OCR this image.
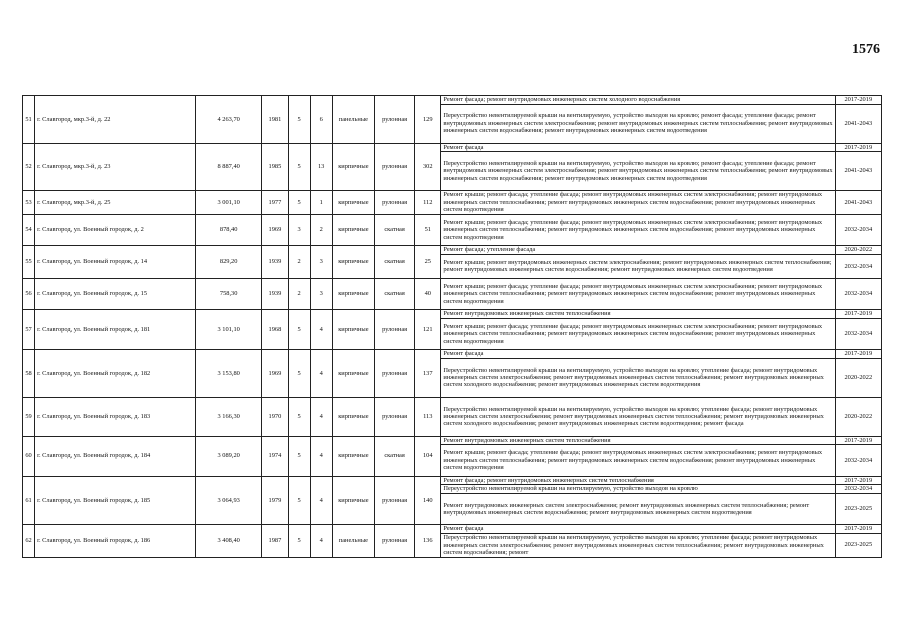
1576
51	г. Славгород, мкр.3-й, д. 22	4 263,70	1981	5	6	панельные	рулонная	129	Ремонт фасада; ремонт внутридомовых инженерных систем холодного водоснабжения	2017-2019
									Переустройство невентилируемой крыши на вентилируемую, устройство выходов на кровлю; ремонт фасада; утепление фасада; ремонт внутридомовых инженерных систем электроснабжения; ремонт внутридомовых инженерных систем теплоснабжения; ремонт внутридомовых инженерных систем водоснабжения; ремонт внутридомовых инженерных систем водоотведения	2041-2043
52	г. Славгород, мкр.3-й, д. 23	8 887,40	1985	5	13	кирпичные	рулонная	302	Ремонт фасада	2017-2019
									Переустройство невентилируемой крыши на вентилируемую, устройство выходов на кровлю; ремонт фасада; утепление фасада; ремонт внутридомовых инженерных систем электроснабжения; ремонт внутридомовых инженерных систем теплоснабжения; ремонт внутридомовых инженерных систем водоснабжения; ремонт внутридомовых инженерных систем водоотведения	2041-2043
53	г. Славгород, мкр.3-й, д. 25	3 001,10	1977	5	1	кирпичные	рулонная	112	Ремонт крыши; ремонт фасада; утепление фасада; ремонт внутридомовых инженерных систем электроснабжения; ремонт внутридомовых инженерных систем теплоснабжения; ремонт внутридомовых инженерных систем водоснабжения; ремонт внутридомовых инженерных систем водоотведения	2041-2043
54	г. Славгород, ул. Военный городок, д. 2	878,40	1969	3	2	кирпичные	скатная	51	Ремонт крыши; ремонт фасада; утепление фасада; ремонт внутридомовых инженерных систем электроснабжения; ремонт внутридомовых инженерных систем теплоснабжения; ремонт внутридомовых инженерных систем водоснабжения; ремонт внутридомовых инженерных систем водоотведения	2032-2034
55	г. Славгород, ул. Военный городок, д. 14	829,20	1939	2	3	кирпичные	скатная	25	Ремонт фасада; утепление фасада	2020-2022
									Ремонт крыши; ремонт внутридомовых инженерных систем электроснабжения; ремонт внутридомовых инженерных систем теплоснабжения; ремонт внутридомовых инженерных систем водоснабжения; ремонт внутридомовых инженерных систем водоотведения	2032-2034
56	г. Славгород, ул. Военный городок, д. 15	758,30	1939	2	3	кирпичные	скатная	40	Ремонт крыши; ремонт фасада; утепление фасада; ремонт внутридомовых инженерных систем электроснабжения; ремонт внутридомовых инженерных систем теплоснабжения; ремонт внутридомовых инженерных систем водоснабжения; ремонт внутридомовых инженерных систем водоотведения	2032-2034
57	г. Славгород, ул. Военный городок, д. 181	3 101,10	1968	5	4	кирпичные	рулонная	121	Ремонт внутридомовых инженерных систем теплоснабжения	2017-2019
									Ремонт крыши; ремонт фасада; утепление фасада; ремонт внутридомовых инженерных систем электроснабжения; ремонт внутридомовых инженерных систем теплоснабжения; ремонт внутридомовых инженерных систем водоснабжения; ремонт внутридомовых инженерных систем водоотведения	2032-2034
58	г. Славгород, ул. Военный городок, д. 182	3 153,80	1969	5	4	кирпичные	рулонная	137	Ремонт фасада	2017-2019
									Переустройство невентилируемой крыши на вентилируемую, устройство выходов на кровлю; утепление фасада; ремонт внутридомовых инженерных систем электроснабжения; ремонт внутридомовых инженерных систем теплоснабжения; ремонт внутридомовых инженерных систем холодного водоснабжения; ремонт внутридомовых инженерных систем водоотведения	2020-2022
59	г. Славгород, ул. Военный городок, д. 183	3 166,30	1970	5	4	кирпичные	рулонная	113	Переустройство невентилируемой крыши на вентилируемую, устройство выходов на кровлю; утепление фасада; ремонт внутридомовых инженерных систем электроснабжения; ремонт внутридомовых инженерных систем теплоснабжения; ремонт внутридомовых инженерных систем холодного водоснабжения; ремонт внутридомовых инженерных систем водоотведения; ремонт фасада	2020-2022
60	г. Славгород, ул. Военный городок, д. 184	3 089,20	1974	5	4	кирпичные	скатная	104	Ремонт внутридомовых инженерных систем теплоснабжения	2017-2019
									Ремонт крыши; ремонт фасада; утепление фасада; ремонт внутридомовых инженерных систем электроснабжения; ремонт внутридомовых инженерных систем теплоснабжения; ремонт внутридомовых инженерных систем водоснабжения; ремонт внутридомовых инженерных систем водоотведения	2032-2034
61	г. Славгород, ул. Военный городок, д. 185	3 064,93	1979	5	4	кирпичные	рулонная	140	Ремонт фасада; ремонт внутридомовых инженерных систем теплоснабжения	2017-2019
									Переустройство невентилируемой крыши на вентилируемую, устройство выходов на кровлю	2032-2034
									Ремонт внутридомовых инженерных систем электроснабжения; ремонт внутридомовых инженерных систем теплоснабжения; ремонт внутридомовых инженерных систем водоснабжения; ремонт внутридомовых инженерных систем водоотведения	2023-2025
62	г. Славгород, ул. Военный городок, д. 186	3 408,40	1987	5	4	панельные	рулонная	136	Ремонт фасада	2017-2019
									Переустройство невентилируемой крыши на вентилируемую, устройство выходов на кровлю; утепление фасада; ремонт внутридомовых инженерных систем электроснабжения; ремонт внутридомовых инженерных систем теплоснабжения; ремонт внутридомовых инженерных систем водоснабжения; ремонт	2023-2025
